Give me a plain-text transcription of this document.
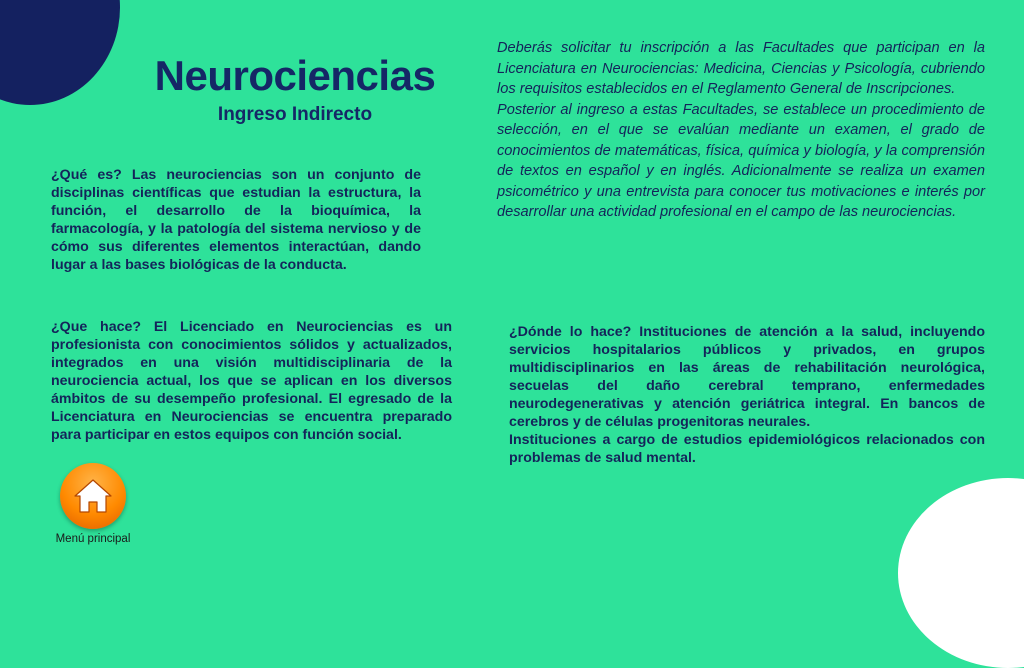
Neurociencias
Ingreso Indirecto
¿Qué es? Las neurociencias son un conjunto de disciplinas científicas que estudian la estructura, la función, el desarrollo de la bioquímica, la farmacología, y la patología del sistema nervioso y de cómo sus diferentes elementos interactúan, dando lugar a las bases biológicas de la conducta.
¿Que hace? El Licenciado en Neurociencias es un profesionista con conocimientos sólidos y actualizados, integrados en una visión multidisciplinaria de la neurociencia actual, los que se aplican en los diversos ámbitos de su desempeño profesional. El egresado de la Licenciatura en Neurociencias se encuentra preparado para participar en estos equipos con función social.

¿Dónde lo hace? Instituciones de atención a la salud, incluyendo servicios hospitalarios públicos y privados, en grupos multidisciplinarios en las áreas de rehabilitación neurológica, secuelas del daño cerebral temprano, enfermedades neurodegenerativas y atención geriátrica integral. En bancos de cerebros y de células progenitoras neurales.

Instituciones a cargo de estudios epidemiológicos relacionados con problemas de salud mental.

Deberás solicitar tu inscripción a las Facultades que participan en la Licenciatura en Neurociencias: Medicina, Ciencias y Psicología, cubriendo los requisitos establecidos en el Reglamento General de Inscripciones.

Posterior al ingreso a estas Facultades, se establece un procedimiento de selección, en el que se evalúan mediante un examen, el grado de conocimientos de matemáticas, física, química y biología, y la comprensión de textos en español y en inglés. Adicionalmente se realiza un examen psicométrico y una entrevista para conocer tus motivaciones e interés por desarrollar una actividad profesional en el campo de las neurociencias.

Menú principal
